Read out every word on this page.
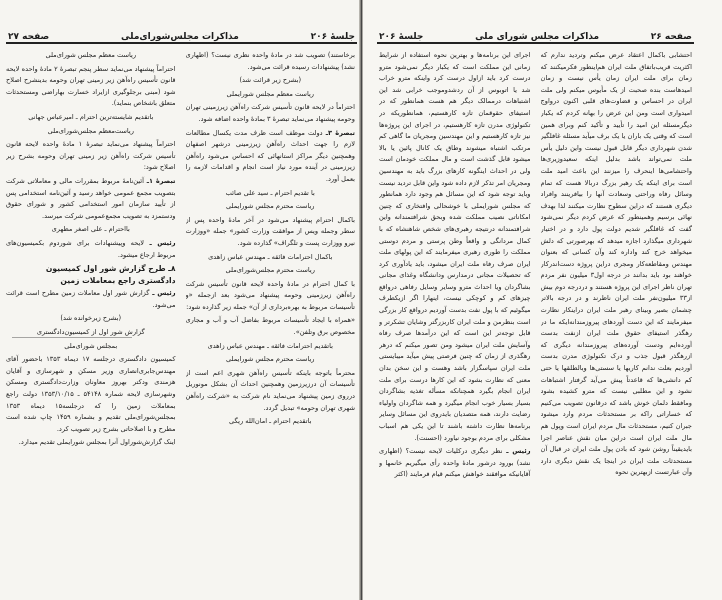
جلسهٔ ۲۰۶
مذاکرات مجلس‌شورای‌ملی
صفحه ۲۷

برخاستند) تصویب شد در مادهٔ واحده نظری نیست؟ (اظهاری نشد) پیشنهادات رسیده قرائت می‌شود.

(بشرح زیر قرائت شد)

ریاست معظم مجلس شورایملی

احتراماً در لایحه قانون تأسیس شرکت راه‌آهن زیرزمینی تهران وحومه پیشنهاد می‌نماید تبصرهٔ ۳ بمادهٔ واحده اضافه شود.

تبصرهٔ ۳ـ دولت موظف است ظرف مدت یکسال مطالعات لازم را جهت احداث راه‌آهن زیرزمینی درشهر اصفهان وهمچنین دیگر مراکز استانهائی که احساس می‌شود راه‌آهن زیرزمینی در آینده مورد نیاز است انجام و اقدامات لازمه را بعمل آورد.

با تقدیم احترام ـ سید علی صائب

ریاست محترم مجلس شورایملی

باکمال احترام پیشنهاد می‌شود در آخر مادهٔ واحده پس از سطر وجمله ویس از موافقت وزارت کشور» جمله «ووزارت نیرو ووزارت پست و تلگراف» گذارده شود.

باکمال احترامات فائقه ـ مهندس عباس زاهدی

ریاست محترم مجلس‌شورای‌ملی

با کمال احترام در مادهٔ واحده لایحه قانون تأسیس شرکت راه‌آهن زیرزمینی وحومه پیشنهاد می‌شود بعد ازجمله «و تأسیسات مربوط به بهره‌برداری از آن» جمله زیر گذارده شود:

«همراه با ایجاد تأسیسات مربوط بفاضل آب و آب و مجاری مخصوص برق وتلفن».

باتقدیم احترامات فائقه ـ مهندس عباس زاهدی

ریاست محترم مجلس شورایملی

محترماً باتوجه باینکه تأسیس راه‌آهن شهری اعم است از تأسیسات آن درزیرزمین وهمچنین احداث آن بشکل مونوریل درروی زمین پیشنهاد می‌نماید نام شرکت به «شرکت راه‌آهن شهری تهران وحومه» تبدیل گردد.

باتقدیم احترام ـ امان‌الله ریگی

ریاست معظم مجلس شورای‌ملی

احتراماً پیشنهاد می‌نماید سطر پنجم تبصرهٔ ۲ مادهٔ واحده لایحه قانون تأسیس راه‌آهن زیر زمینی تهران وحومه بدینشرح اصلاح شود (مبنی برجلوگیری ازایراد خسارت بهاراضی ومستحدثات متعلق باشخاص بنماید).

باتقدیم شایسته‌ترین احترام ـ امیرعباس جهانی

ریاست‌معظم مجلس‌شورای‌ملی

احتراماً پیشنهاد می‌نماید تبصرهٔ ۱ مادهٔ واحده لایحه قانون تأسیس شرکت راه‌آهن زیر زمینی تهران وحومه بشرح زیر اصلاح شود:

تبصرهٔ ۱ـ آئین‌نامهٔ مربوط بمقررات مالی و معاملاتی شرکت بتصویب مجمع عمومی خواهد رسید و آئین‌نامه استخدامی پس از تأیید سازمان امور استخدامی کشور و شورای حقوق ودستمزد به تصویب مجمع‌عمومی شرکت میرسد.

بااحترام ـ علی اصغر مظهری

رئیس ـ لایحه وپیشنهادات برای شوردوم بکمیسیون‌های مربوط ارجاع میشود.

۸ـ طرح گزارش شور اول کمیسیون دادگستری راجع بمعاملات زمین

رئیس ـ گزارش شور اول معاملات زمین مطرح است قرائت می‌شود.

(بشرح زیرخوانده شد)

گزارش شور اول از کمیسیون‌دادگستری

بمجلس شورای‌ملی

کمیسیون دادگستری درجلسه ۱۷ دیماه ۱۳۵۳ باحضور آقای مهندس‌جابری‌انصاری وزیر مسکن و شهرسازی و آقایان هزمندی ودکتر بهروز معاونان وزارت‌دادگستری ومسکن وشهرسازی لایحه شماره ۵۴۱۴۸ ـ ۱۳۵۳/۱۰/۱۵ دولت راجع بمعاملات زمین را که درجلسه۱۵ دیماه ۱۳۵۳ بمجلس‌شورای‌ملی تقدیم و بشماره ۱۴۵۹ چاپ شده است مطرح و با اصلاحاتی بشرح زیر تصویب کرد.

اینک گزارش‌شوراول آنرا بمجلس شورایملی تقدیم میدارد.

صفحه ۲۶
مذاکرات مجلس شورای ملی
جلسهٔ ۲۰۶

احتشابی باکمال اعتقاد عرض میکنم وتردید ندارم که اکثریت قریب‌باتفاق ملت ایران هم‌اینطور فکرمیکنند که زمان برای ملت ایران زمان یأس نیست و زمان امیدهاست بنده صحبت از یک مأیوس میکنم ولی ملت ایران در احساس و قضاوت‌های قلبی اکنون درواوج امیدواری است ومن این عرض را بهانه کردم که یکبار دیگرمسئله این امید را تأیید و تأکید کنم وبرای همین است که وقتی یک باران یا یک برف میآید مسئله غافلگیر شدن شهرداری دیگر قابل قبول نیست واین دلیل یأس ملت نمی‌تواند باشد بدلیل اینکه سعیدوزیری‌ها واحتشامی‌ها اینحرف را میزنند این باعث امید ملت است برای اینکه یک رهبر بزرگ دربالا هست که تمام وسائل رفاه وراحتی وسعادت آنها را بیافرینند وافراد دیگری هستند که دراین سطوح نظارت میکنند لذا بهدف نهائی برسیم وهمینطور که عرض کردم دیگر نمی‌شود گفت که غافلگیر شدیم دولت پول دارد و در اختیار شهرداری میگذارد اجازه میدهد که بهرصورتی که دلش میخواهد خرج کند واداره کند وآن کسانی که بعنوان مهندس ومقاطعه‌کار ومجری دراین پروژه دست‌اندرکار خواهند بود باید بدانند در درجه اول۳ میلیون نفر مردم تهران ناظر اجرای این پروژه هستند و دردرجه دوم بیش از۳۳ میلیون‌نفر ملت ایران ناظرند و در درجه بالاتر چشمان بصیر وبینای رهبر ملت ایران دراینکار نظارت میفرمایند که این دست آوردهای پیروزمندانه‌ایکه ما در رهگذر استیفای حقوق ملت ایران ازنفت بدست آورده‌ایم ودست آورده‌های پیروزمندانه دیگری که ازرهگذر قبول جذب و درک تکنولوژی مدرن بدست آوردیم بعلت ندانم کاریها یا سستی‌ها وبالطلقها یا حتی کم دانشی‌ها که قاعدتاً پیش می‌آید گرفتار اشتباهات نشود و این مطلبی نیست که مترو کشیده بشود ومافقط دلمان خوش باشد که درقانون تصویب می‌کنیم که خساراتی راکه بر مستحدثات مردم وارد میشود جبران کنیم، مستحدثات مال مردم ایران است وپول هم مال ملت ایران است دراین میان نقش عناصر اجرا بایدیقیناً روشن شود که بادن پول ملت ایران در قبال آن مستحدثات ملت ایران در اینجا یک نقش دیگری دارد وآن عبارتست ازبهترین نحوه

اجرای این برنامه‌ها و بهترین نحوه استفاده از شرایط زمانی این مملکت است که یکبار دیگر نمی‌شود مترو درست کرد باید ازاول درست کرد واینکه مترو خراب شد یا اتوبوس از آن ردشدوموجب خرابی شد این اشتباهات درممالک دیگر هم هست همانطور که در استیفای حقوقمان تازه کارهستیم، همانطوریکه در تکنولوژی مدرن تازه کارهستیم، در اجرای این پروژه‌ها نیز تازه کارهستیم و این مهندسین ومجریان ما گاهی کم مرتکب اشتباه میشوند وطاق یک کانال پائین یا بالا میشود قابل گذشت است و مال مملکت خودمان است ولی در احداث اینگونه کارهای بزرگ باید به مهندسین ومجریان امر تذکر لازم داده شود واین قابل تردید نیست وباید توجه شود که این مسائل هم وجود دارد همانطور که مجلس شورایملی با خوشحالی وافتخاری که چنین امکاناتی نصیب مملکت شده وبحق شرافتمندانه واین شرافتمندانه درنتیجه رهبری‌های شخص شاهنشاه که با کمال مردانگی و واقعاً وطن پرستی و مردم دوستی مملکت را طوری رهبری میفرمایند که این پولهای ملت ایران صرف رفاه ملت ایران میشود، باید یادآوری کرد که تحصیلات مجانی درمدارس ودانشگاه وغذای مجانی بشاگردان ویا احداث مترو وسایر وسایل رفاهی درواقع چیزهای کم و کوچکی نیست، اینهارا اگر ازیکطرف میگوئیم که با پول نفت بدست آوردیم درواقع کار بزرگی است بنظرمن و ملت ایران کاربزرگتر وشایان تشکرتر و قابل توجه‌تر این است که این درآمدها صرف رفاه وآسایش ملت ایران میشود ومن تصور میکنم که درهر رهگذری از زمان که چنین فرصتی پیش میآید میبایستی ملت ایران سپاسگزار باشد وهست و این سخن بدان معنی که نظارت بشود که این کارها درست برای ملت ایران انجام بگیرد همچنانکه مسأله تغذیه بشاگردان بسیار بسیار خوب انجام میگیرد و همه شاگردان واولیاء رضایت دارند، همه متصدیان بایدروی این مسائل وسایر برنامه‌ها نظارت داشته باشند تا این یکی هم اسباب مشکلی برای مردم بوجود نیاورد (احسنت).

رئیس ـ نظر دیگری درکلیات لایحه نیست؟ (اظهاری نشد) بورود درشور مادهٔ واحده رأی میگیریم خانمها و آقایانیکه موافقند خواهش میکنم قیام فرمایند (اکثر
